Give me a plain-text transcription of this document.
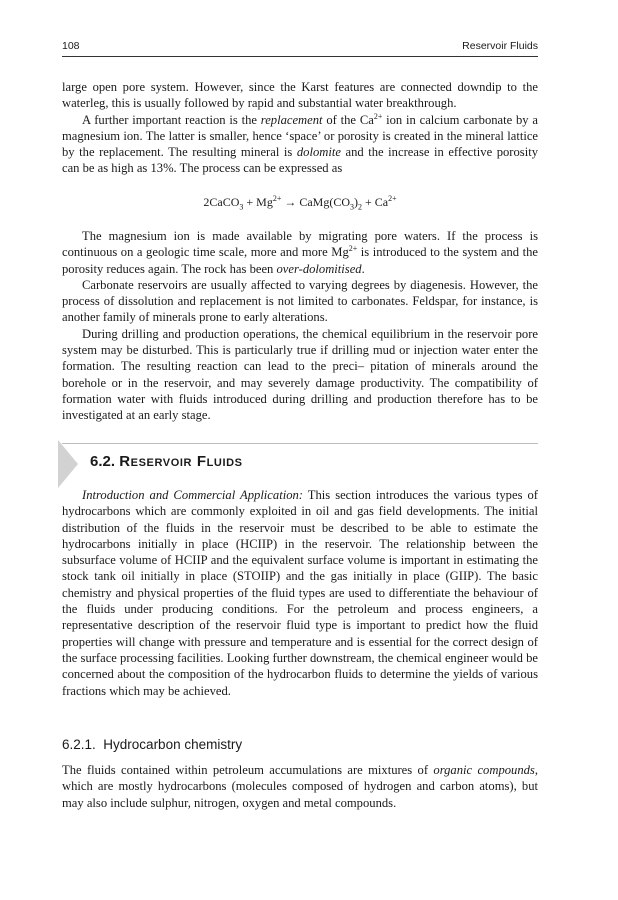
108	Reservoir Fluids

large open pore system. However, since the Karst features are connected downdip to the waterleg, this is usually followed by rapid and substantial water breakthrough.

A further important reaction is the replacement of the $Ca^{2+}$ ion in calcium carbonate by a magnesium ion. The latter is smaller, hence ‘space’ or porosity is created in the mineral lattice by the replacement. The resulting mineral is dolomite and the increase in effective porosity can be as high as 13%. The process can be expressed as

2CaCO$_3$ + $Mg^{2+}$ → $CaMg(CO_3)_2 + Ca^{2+}$

The magnesium ion is made available by migrating pore waters. If the process is continuous on a geologic time scale, more and more $Mg^{2+}$ is introduced to the system and the porosity reduces again. The rock has been over-dolomitised.

Carbonate reservoirs are usually affected to varying degrees by diagenesis. However, the process of dissolution and replacement is not limited to carbonates. Feldspar, for instance, is another family of minerals prone to early alterations.

During drilling and production operations, the chemical equilibrium in the reservoir pore system may be disturbed. This is particularly true if drilling mud or injection water enter the formation. The resulting reaction can lead to the preci– pitation of minerals around the borehole or in the reservoir, and may severely damage productivity. The compatibility of formation water with fluids introduced during drilling and production therefore has to be investigated at an early stage.

6.2. Reservoir Fluids

Introduction and Commercial Application: This section introduces the various types of hydrocarbons which are commonly exploited in oil and gas field developments. The initial distribution of the fluids in the reservoir must be described to be able to estimate the hydrocarbons initially in place (HCIIP) in the reservoir. The relationship between the subsurface volume of HCIIP and the equivalent surface volume is important in estimating the stock tank oil initially in place (STOIIP) and the gas initially in place (GIIP). The basic chemistry and physical properties of the fluid types are used to differentiate the behaviour of the fluids under producing conditions. For the petroleum and process engineers, a representative description of the reservoir fluid type is important to predict how the fluid properties will change with pressure and temperature and is essential for the correct design of the surface processing facilities. Looking further downstream, the chemical engineer would be concerned about the composition of the hydrocarbon fluids to determine the yields of various fractions which may be achieved.

6.2.1. Hydrocarbon chemistry

The fluids contained within petroleum accumulations are mixtures of organic compounds, which are mostly hydrocarbons (molecules composed of hydrogen and carbon atoms), but may also include sulphur, nitrogen, oxygen and metal compounds.
